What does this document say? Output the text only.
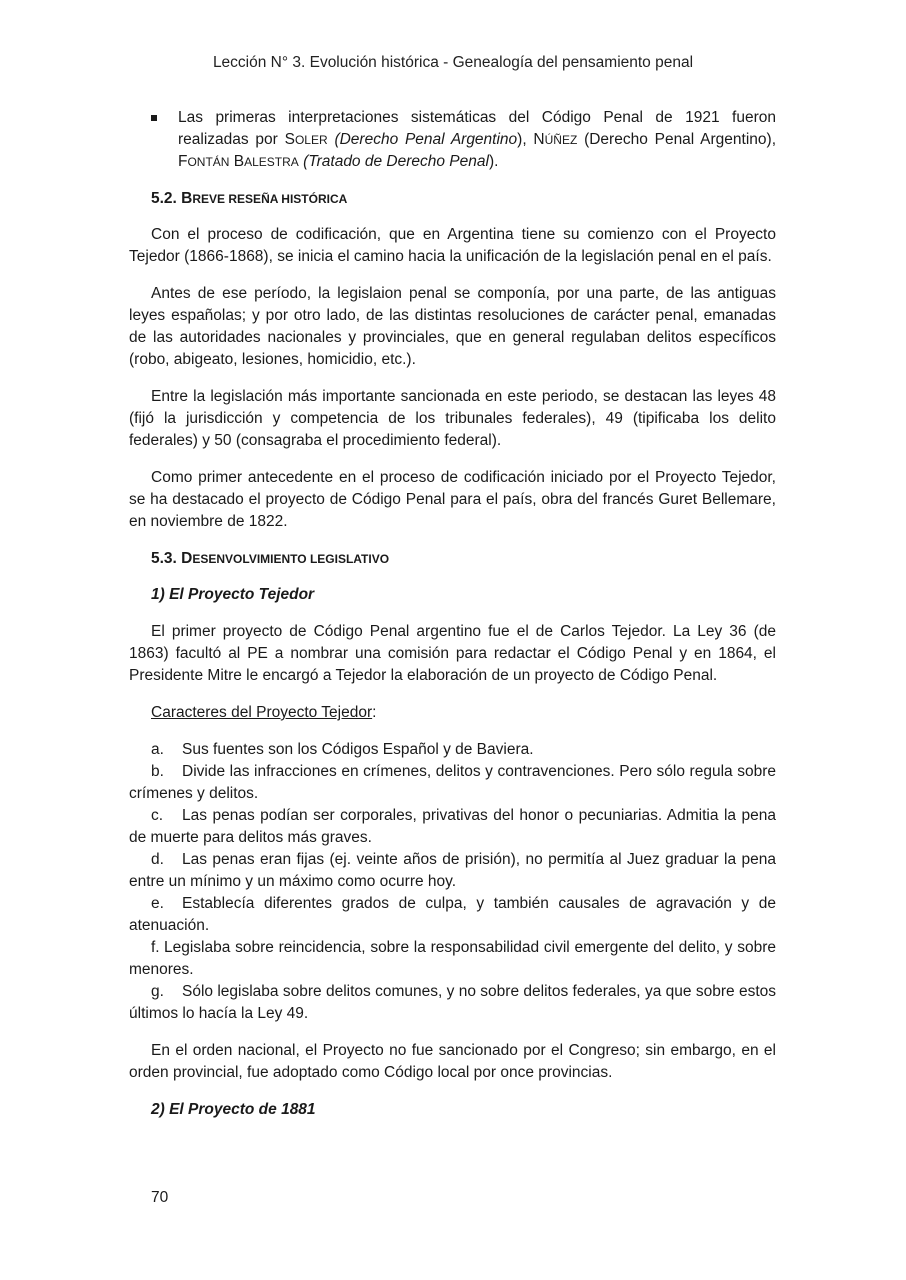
Lección N° 3. Evolución histórica - Genealogía del pensamiento penal
Las primeras interpretaciones sistemáticas del Código Penal de 1921 fueron realizadas por SOLER (Derecho Penal Argentino), NÚÑEZ (Derecho Penal Argentino), FONTÁN BALESTRA (Tratado de Derecho Penal).
5.2. BREVE RESEÑA HISTÓRICA

Con el proceso de codificación, que en Argentina tiene su comienzo con el Proyecto Tejedor (1866-1868), se inicia el camino hacia la unificación de la legislación penal en el país.

Antes de ese período, la legislaion penal se componía, por una parte, de las antiguas leyes españolas; y por otro lado, de las distintas resoluciones de carácter penal, emanadas de las autoridades nacionales y provinciales, que en general regulaban delitos específicos (robo, abigeato, lesiones, homicidio, etc.).

Entre la legislación más importante sancionada en este periodo, se destacan las leyes 48 (fijó la jurisdicción y competencia de los tribunales federales), 49 (tipificaba los delito federales) y 50 (consagraba el procedimiento federal).

Como primer antecedente en el proceso de codificación iniciado por el Proyecto Tejedor, se ha destacado el proyecto de Código Penal para el país, obra del francés Guret Bellemare, en noviembre de 1822.

5.3. DESENVOLVIMIENTO LEGISLATIVO
1) El Proyecto Tejedor

El primer proyecto de Código Penal argentino fue el de Carlos Tejedor. La Ley 36 (de 1863) facultó al PE a nombrar una comisión para redactar el Código Penal y en 1864, el Presidente Mitre le encargó a Tejedor la elaboración de un proyecto de Código Penal.

Caracteres del Proyecto Tejedor:

a. Sus fuentes son los Códigos Español y de Baviera.

b. Divide las infracciones en crímenes, delitos y contravenciones. Pero sólo regula sobre crímenes y delitos.

c. Las penas podían ser corporales, privativas del honor o pecuniarias. Admitia la pena de muerte para delitos más graves.

d. Las penas eran fijas (ej. veinte años de prisión), no permitía al Juez graduar la pena entre un mínimo y un máximo como ocurre hoy.

e. Establecía diferentes grados de culpa, y también causales de agravación y de atenuación.

f. Legislaba sobre reincidencia, sobre la responsabilidad civil emergente del delito, y sobre menores.

g. Sólo legislaba sobre delitos comunes, y no sobre delitos federales, ya que sobre estos últimos lo hacía la Ley 49.

En el orden nacional, el Proyecto no fue sancionado por el Congreso; sin embargo, en el orden provincial, fue adoptado como Código local por once provincias.

2) El Proyecto de 1881
70
